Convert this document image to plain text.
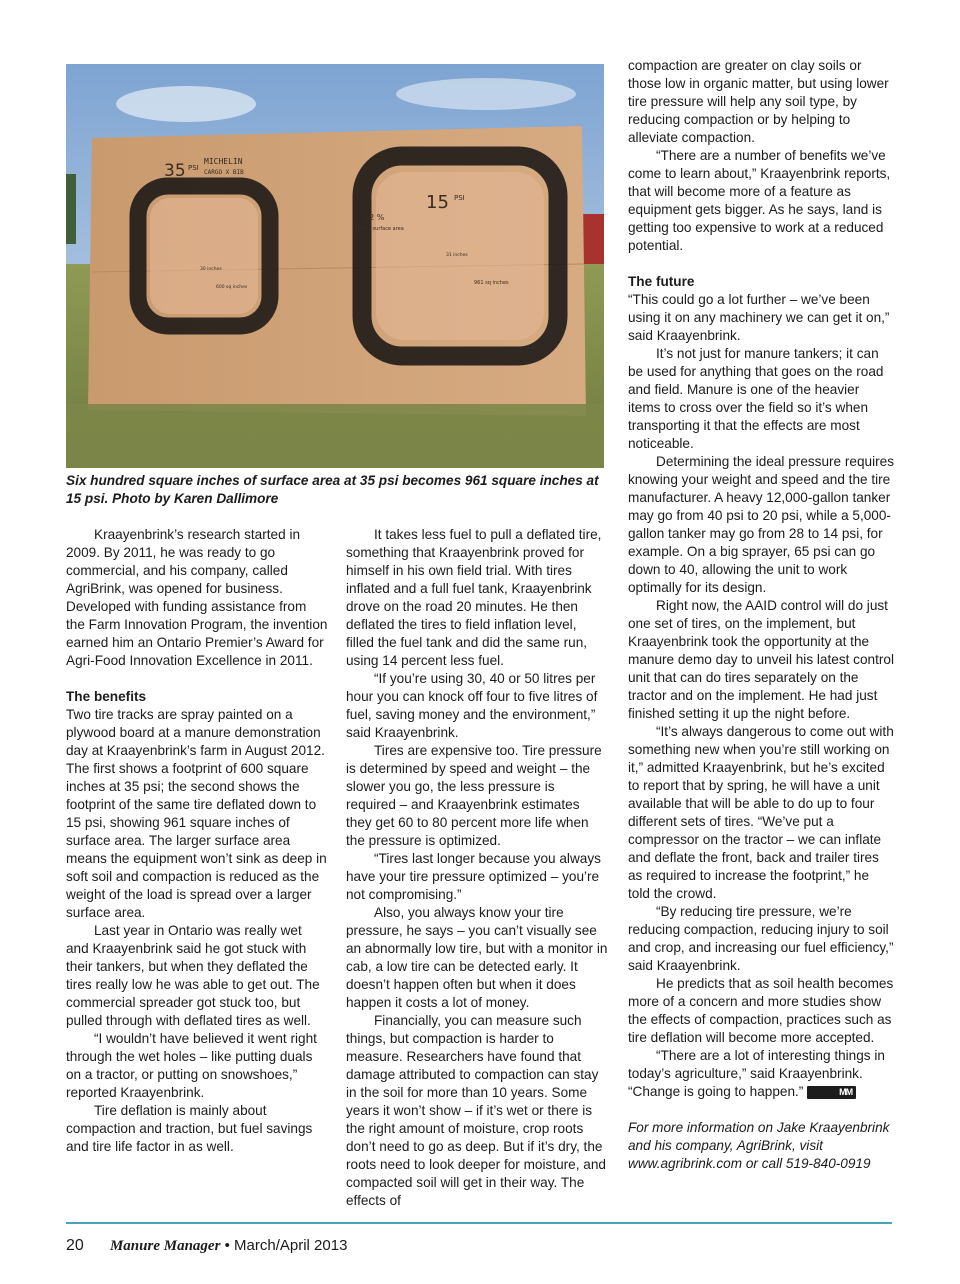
35 PSI
MICHELIN
CARGO X BIB
850/50R 30-5
30 inches
600 sq inches
15 PSI
62 %
more surface area
31 inches
961 sq inches
Six hundred square inches of surface area at 35 psi becomes 961 square inches at 15 psi. Photo by Karen Dallimore

Kraayenbrink’s research started in 2009. By 2011, he was ready to go commercial, and his company, called AgriBrink, was opened for business. Developed with funding assistance from the Farm Innovation Program, the invention earned him an Ontario Premier’s Award for Agri-Food Innovation Excellence in 2011.

The benefits

Two tire tracks are spray painted on a plywood board at a manure demonstration day at Kraayenbrink’s farm in August 2012. The first shows a footprint of 600 square inches at 35 psi; the second shows the footprint of the same tire deflated down to 15 psi, showing 961 square inches of surface area. The larger surface area means the equipment won’t sink as deep in soft soil and compaction is reduced as the weight of the load is spread over a larger surface area.

Last year in Ontario was really wet and Kraayenbrink said he got stuck with their tankers, but when they deflated the tires really low he was able to get out. The commercial spreader got stuck too, but pulled through with deflated tires as well.

“I wouldn’t have believed it went right through the wet holes – like putting duals on a tractor, or putting on snowshoes,” reported Kraayenbrink.

Tire deflation is mainly about compaction and traction, but fuel savings and tire life factor in as well.

It takes less fuel to pull a deflated tire, something that Kraayenbrink proved for himself in his own field trial. With tires inflated and a full fuel tank, Kraayenbrink drove on the road 20 minutes. He then deflated the tires to field inflation level, filled the fuel tank and did the same run, using 14 percent less fuel.

“If you’re using 30, 40 or 50 litres per hour you can knock off four to five litres of fuel, saving money and the environment,” said Kraayenbrink.

Tires are expensive too. Tire pressure is determined by speed and weight – the slower you go, the less pressure is required – and Kraayenbrink estimates they get 60 to 80 percent more life when the pressure is optimized.

“Tires last longer because you always have your tire pressure optimized – you’re not compromising.”

Also, you always know your tire pressure, he says – you can’t visually see an abnormally low tire, but with a monitor in cab, a low tire can be detected early. It doesn’t happen often but when it does happen it costs a lot of money.

Financially, you can measure such things, but compaction is harder to measure. Researchers have found that damage attributed to compaction can stay in the soil for more than 10 years. Some years it won’t show – if it’s wet or there is the right amount of moisture, crop roots don’t need to go as deep. But if it’s dry, the roots need to look deeper for moisture, and compacted soil will get in their way. The effects of

compaction are greater on clay soils or those low in organic matter, but using lower tire pressure will help any soil type, by reducing compaction or by helping to alleviate compaction.

“There are a number of benefits we’ve come to learn about,” Kraayenbrink reports, that will become more of a feature as equipment gets bigger. As he says, land is getting too expensive to work at a reduced potential.

The future

“This could go a lot further – we’ve been using it on any machinery we can get it on,” said Kraayenbrink.

It’s not just for manure tankers; it can be used for anything that goes on the road and field. Manure is one of the heavier items to cross over the field so it’s when transporting it that the effects are most noticeable.

Determining the ideal pressure requires knowing your weight and speed and the tire manufacturer. A heavy 12,000-gallon tanker may go from 40 psi to 20 psi, while a 5,000-gallon tanker may go from 28 to 14 psi, for example. On a big sprayer, 65 psi can go down to 40, allowing the unit to work optimally for its design.

Right now, the AAID control will do just one set of tires, on the implement, but Kraayenbrink took the opportunity at the manure demo day to unveil his latest control unit that can do tires separately on the tractor and on the implement. He had just finished setting it up the night before.

“It’s always dangerous to come out with something new when you’re still working on it,” admitted Kraayenbrink, but he’s excited to report that by spring, he will have a unit available that will be able to do up to four different sets of tires. “We’ve put a compressor on the tractor – we can inflate and deflate the front, back and trailer tires as required to increase the footprint,” he told the crowd.

“By reducing tire pressure, we’re reducing compaction, reducing injury to soil and crop, and increasing our fuel efficiency,” said Kraayenbrink.

He predicts that as soil health becomes more of a concern and more studies show the effects of compaction, practices such as tire deflation will become more accepted.

“There are a lot of interesting things in today’s agriculture,” said Kraayenbrink. “Change is going to happen.”	MM

For more information on Jake Kraayenbrink and his company, AgriBrink, visit www.agribrink.com or call 519-840-0919

20 Manure Manager • March/April 2013
